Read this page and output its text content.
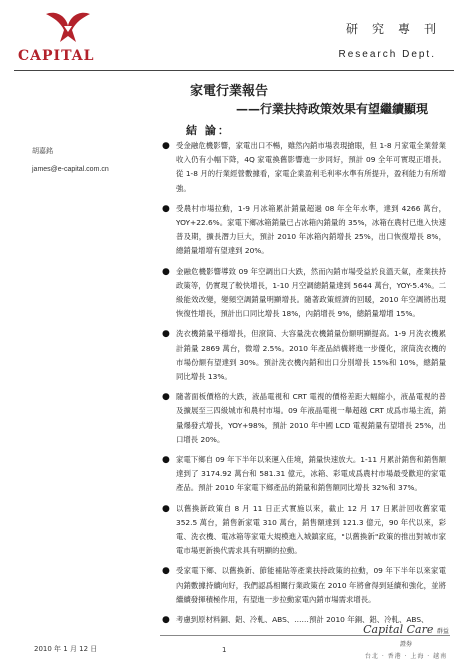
CAPITAL
研究專刊
Research Dept.
家電行業報告
——行業扶持政策效果有望繼續顯現
胡嘉銘
james@e-capital.com.cn
結 論：
● 受金融危機影響，家電出口不暢，雖然內銷市場表現搶眼，但 1-8 月家電全業營業收入仍有小幅下降，4Q 家電換舊影響進一步同好，預計 09 全年可實現正增長。從 1-8 月的行業經營數據看，家電企業盈利毛利率水準有所提升，盈利能力有所增強。
● 受農村市場拉動，1-9 月冰箱累計銷量超過 08 年全年水準，達到 4266 萬台，YOY+22.6%。家電下鄉冰箱銷量已占冰箱內銷量的 35%，冰箱在農村已進入快速普及期，擴長潛力巨大，預計 2010 年冰箱內銷增長 25%，出口恢復增長 8%，總銷量增增有望達到 20%。
● 金融危機影響導致 09 年空調出口大跌，然而內銷市場受益於良溫天氣，產業扶持政策等，仍實現了較快增長，1-10 月空調總銷量達到 5644 萬台，YOY-5.4%。二級能效改變，變頻空調銷量明顯增長。隨著政策經濟的回暖，2010 年空調將出現恢復性增長，預計出口同比增長 18%，內銷增長 9%，總銷量增增 15%。
● 洗衣機銷量平穩增長，但滾筒、大容量洗衣機銷量份額明顯提高。1-9 月洗衣機累計銷量 2869 萬台，微增 2.5%。2010 年產品結構將進一步優化，滾筒洗衣機的市場份額有望達到 30%。預計洗衣機內銷和出口分別增長 15%和 10%，總銷量同比增長 13%。
● 隨著面板價格的大跌，液晶電視和 CRT 電視的價格差距大幅縮小，液晶電視的普及擴展至三四級城市和農村市場。09 年液晶電視一舉超越 CRT 成爲市場主流，銷量爆發式增長，YOY+98%，預計 2010 年中國 LCD 電視銷量有望增長 25%，出口增長 20%。
● 家電下鄉自 09 年下半年以來運入佳境，銷量快速放大。1-11 月累計銷售和銷售額達到了 3174.92 萬台和 581.31 億元，冰箱、彩電成爲農村市場最受歡迎的家電產品。預計 2010 年家電下鄉產品的銷量和銷售額同比增長 32%和 37%。
● 以舊換新政策自 8 月 11 日正式實施以來，截止 12 月 17 日累計回收舊家電 352.5 萬台，銷售新家電 310 萬台，銷售額達到 121.3 億元，90 年代以來，彩電、洗衣機、電冰箱等家電大規模進入城鎮家庭，"以舊換新"政策的推出對城市家電市場更新換代需求具有明顯的拉動。
● 受家電下鄉、以舊換新、節能補貼等產業扶持政策的拉動，09 年下半年以來家電內銷數據持續向好，我們認爲相關行業政策在 2010 年將會得到延續和強化，並將繼續發揮積極作用，有望進一步拉動家電內銷市場需求增長。
● 考慮到原材料銅、鋁、冷軋、ABS、……預計 2010 年銅、鋁、冷軋、ABS、
2010 年 1 月 12 日	1
Capital Care 群益證券
台北 · 香港 · 上海 · 越南
